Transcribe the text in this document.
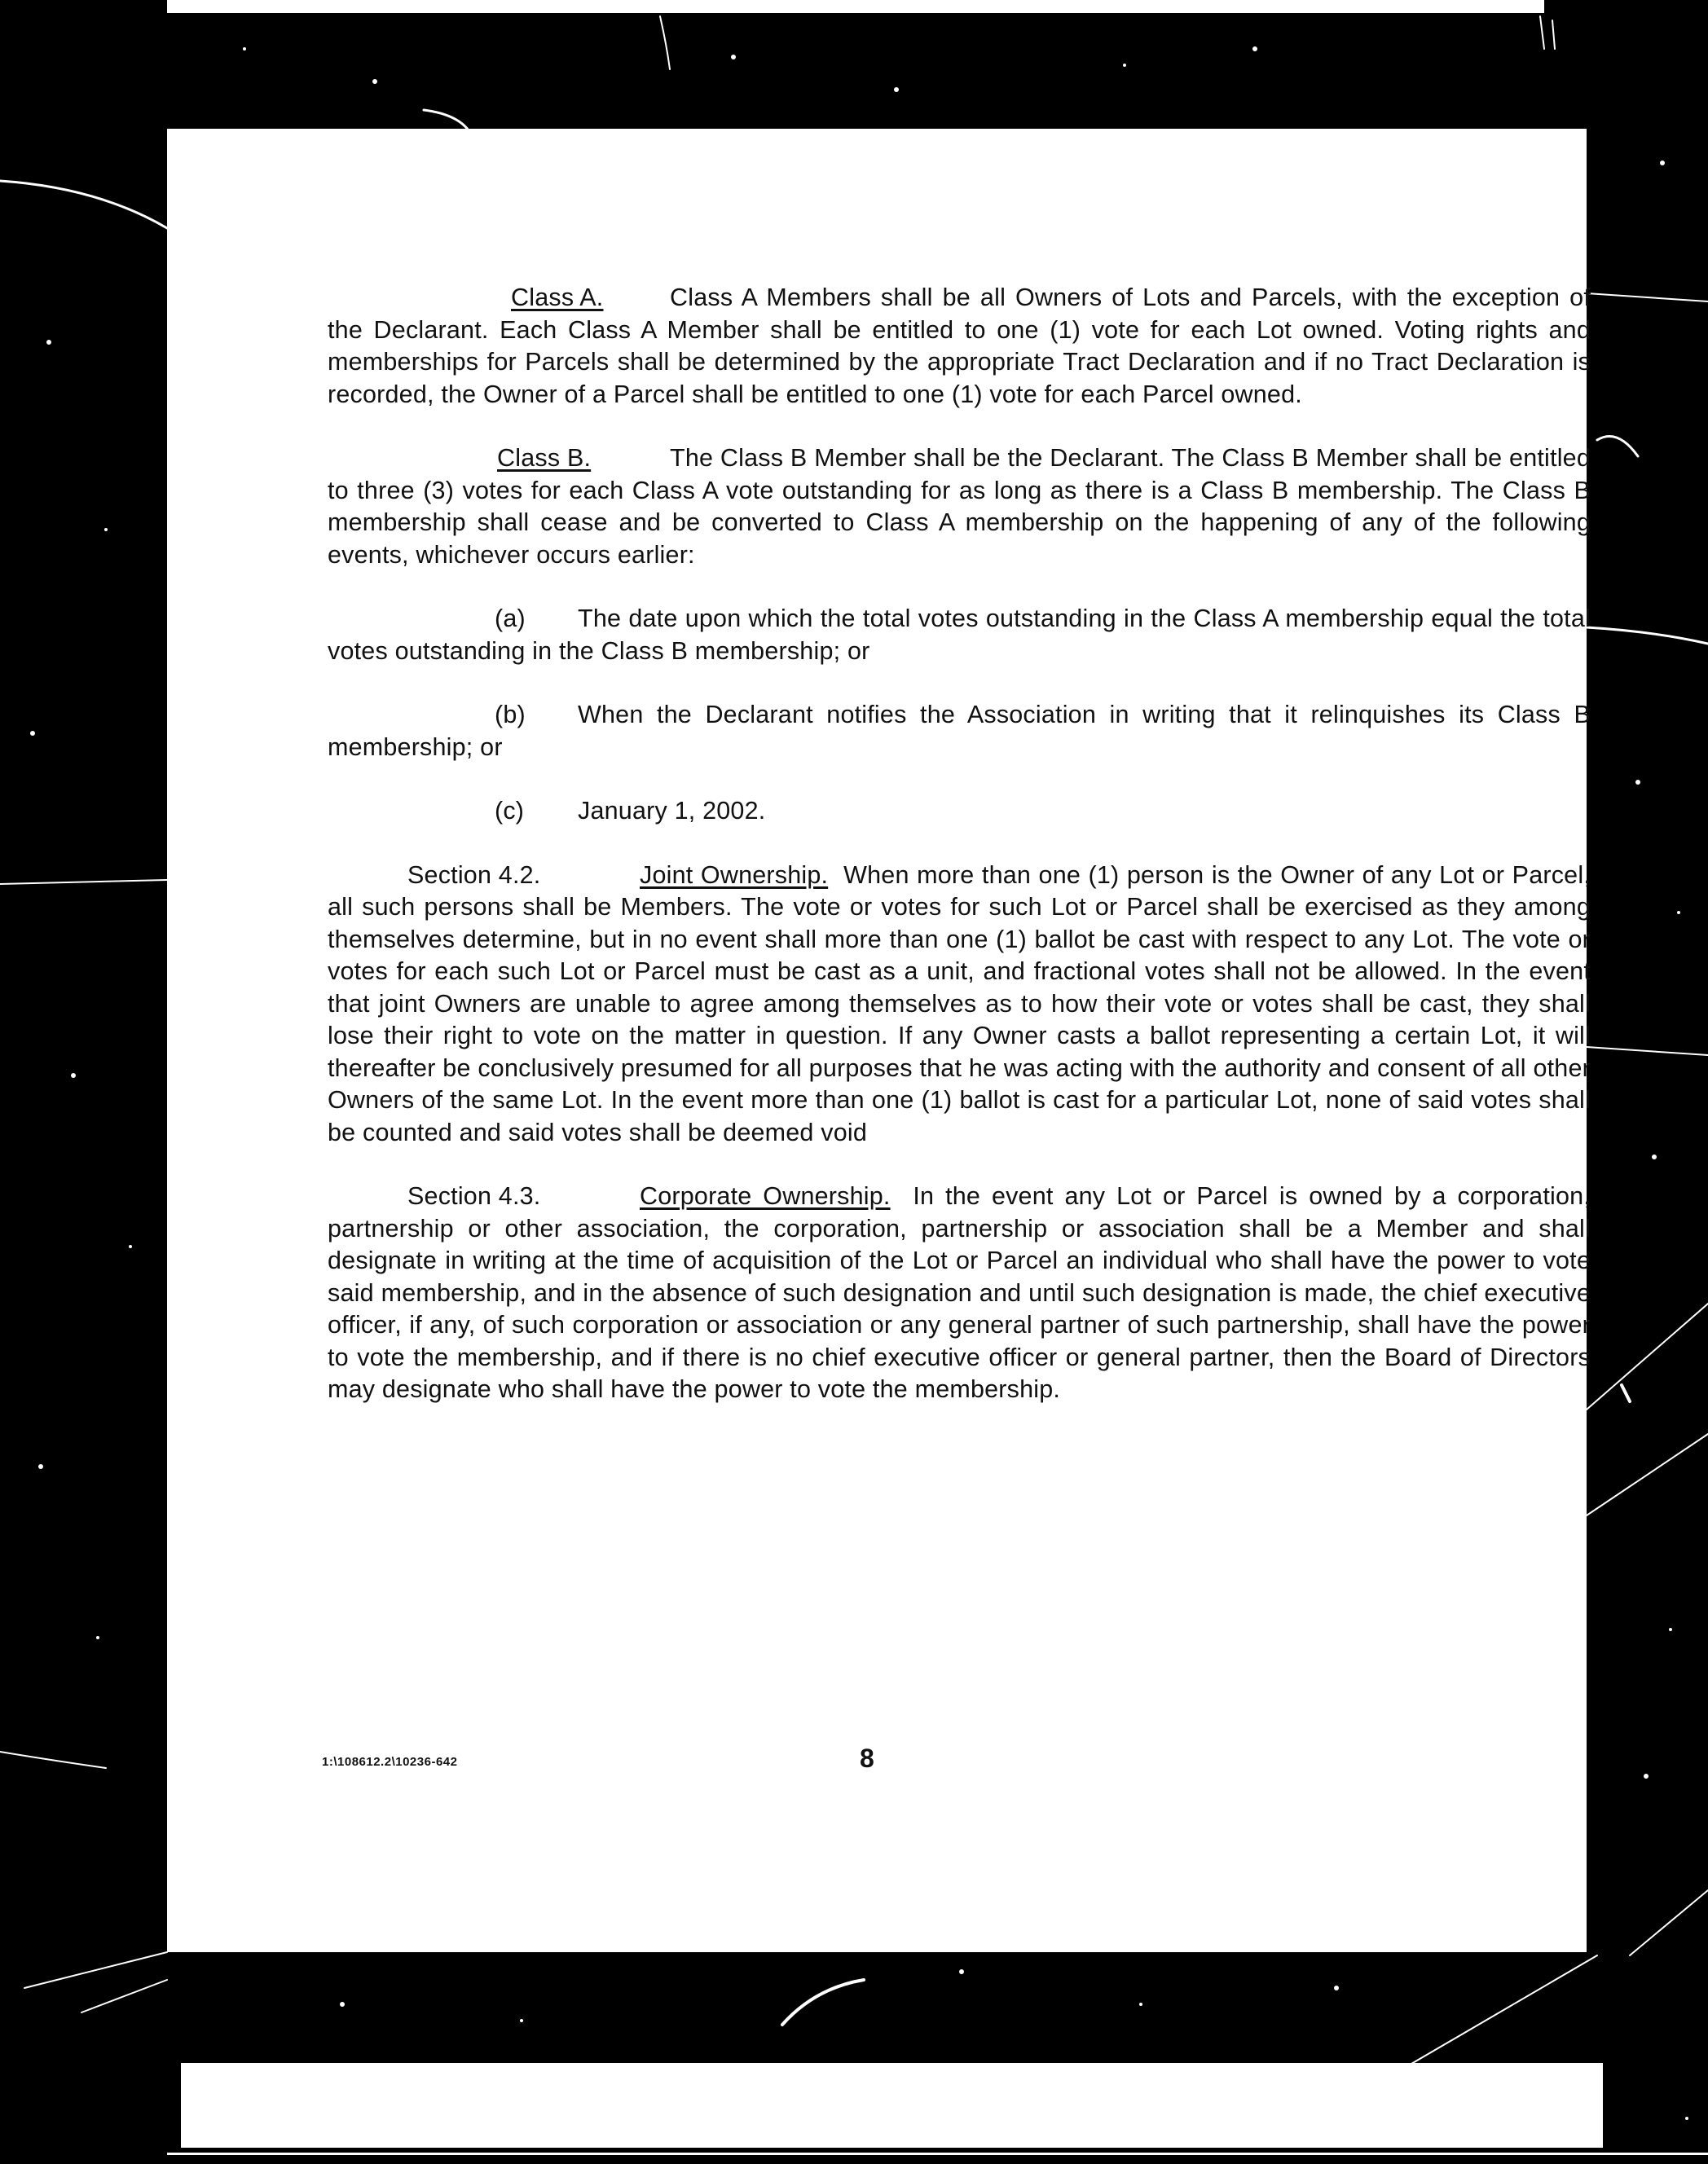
Class A.	Class A Members shall be all Owners of Lots and Parcels, with the exception of the Declarant. Each Class A Member shall be entitled to one (1) vote for each Lot owned. Voting rights and memberships for Parcels shall be determined by the appropriate Tract Declaration and if no Tract Declaration is recorded, the Owner of a Parcel shall be entitled to one (1) vote for each Parcel owned.

Class B.	The Class B Member shall be the Declarant. The Class B Member shall be entitled to three (3) votes for each Class A vote outstanding for as long as there is a Class B membership. The Class B membership shall cease and be converted to Class A membership on the happening of any of the following events, whichever occurs earlier:

(a) The date upon which the total votes outstanding in the Class A membership equal the total votes outstanding in the Class B membership; or

(b) When the Declarant notifies the Association in writing that it relinquishes its Class B membership; or

(c) January 1, 2002.

Section 4.2.	Joint Ownership. When more than one (1) person is the Owner of any Lot or Parcel, all such persons shall be Members. The vote or votes for such Lot or Parcel shall be exercised as they among themselves determine, but in no event shall more than one (1) ballot be cast with respect to any Lot. The vote or votes for each such Lot or Parcel must be cast as a unit, and fractional votes shall not be allowed. In the event that joint Owners are unable to agree among themselves as to how their vote or votes shall be cast, they shall lose their right to vote on the matter in question. If any Owner casts a ballot representing a certain Lot, it will thereafter be conclusively presumed for all purposes that he was acting with the authority and consent of all other Owners of the same Lot. In the event more than one (1) ballot is cast for a particular Lot, none of said votes shall be counted and said votes shall be deemed void

Section 4.3.	Corporate Ownership. In the event any Lot or Parcel is owned by a corporation, partnership or other association, the corporation, partnership or association shall be a Member and shall designate in writing at the time of acquisition of the Lot or Parcel an individual who shall have the power to vote said membership, and in the absence of such designation and until such designation is made, the chief executive officer, if any, of such corporation or association or any general partner of such partnership, shall have the power to vote the membership, and if there is no chief executive officer or general partner, then the Board of Directors may designate who shall have the power to vote the membership.

1:\108612.2\10236-642	8
